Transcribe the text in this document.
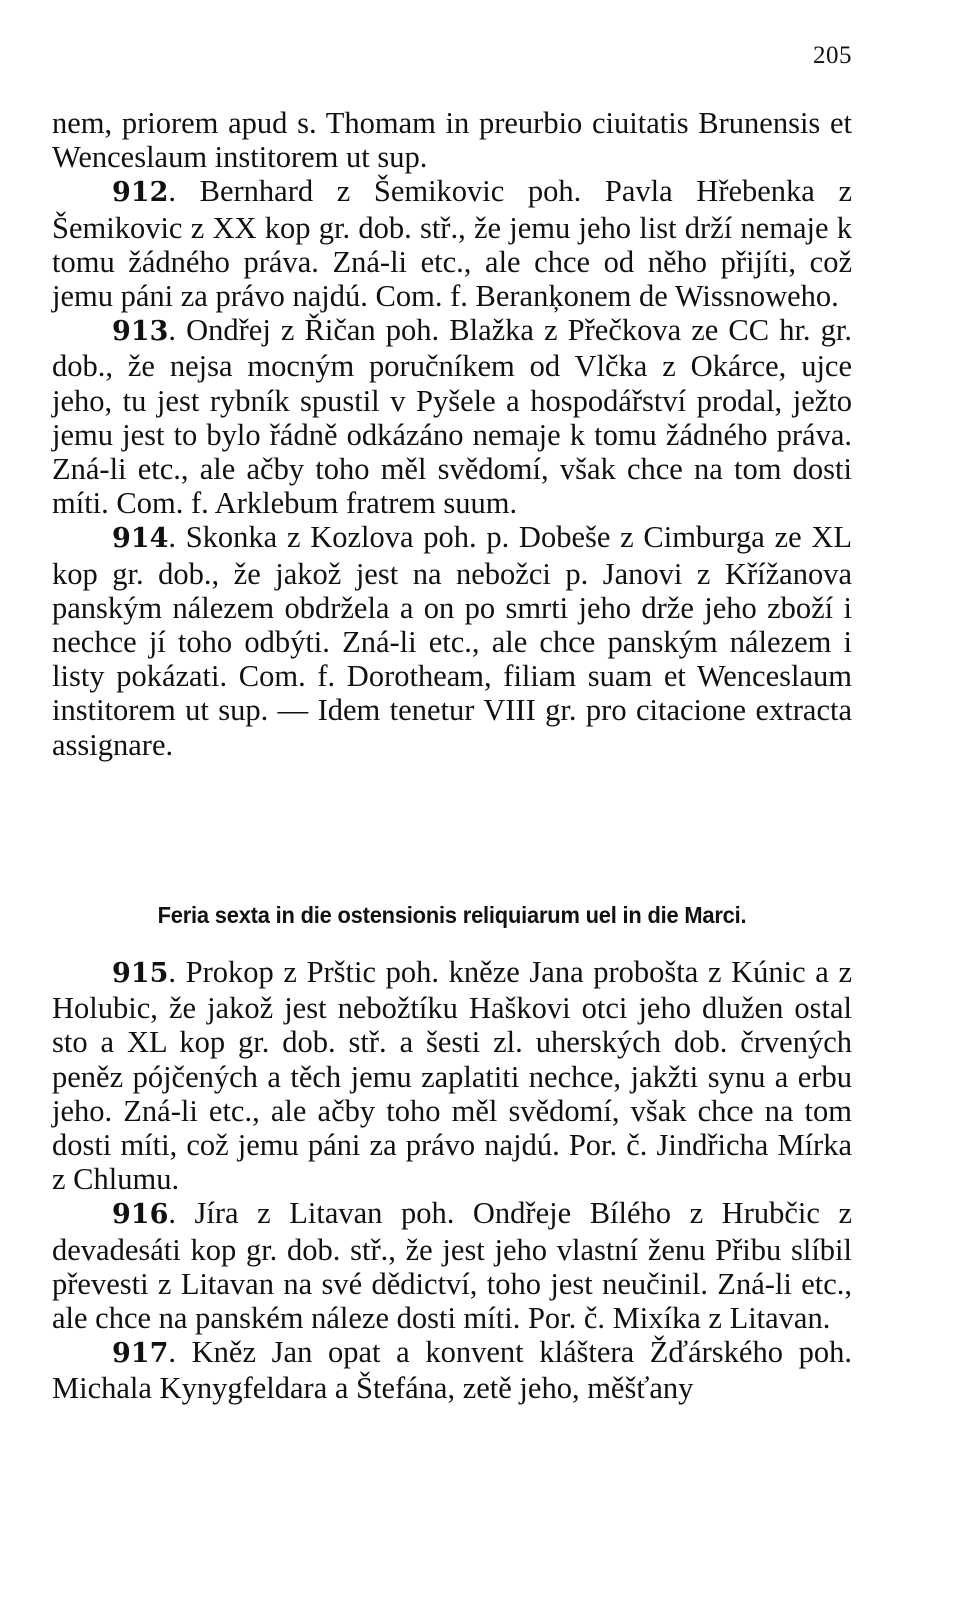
205

nem, priorem apud s. Thomam in preurbio ciuitatis Brunensis et Wenceslaum institorem ut sup.

912. Bernhard z Šemikovic poh. Pavla Hřebenka z Šemikovic z XX kop gr. dob. stř., že jemu jeho list drží nemaje k tomu žádného práva. Zná-li etc., ale chce od něho přijíti, což jemu páni za právo najdú. Com. f. Beranķonem de Wissnoweho.

913. Ondřej z Řičan poh. Blažka z Přečkova ze CC hr. gr. dob., že nejsa mocným poručníkem od Vlčka z Okárce, ujce jeho, tu jest rybník spustil v Pyšele a hospodářství prodal, ježto jemu jest to bylo řádně odkázáno nemaje k tomu žádného práva. Zná-li etc., ale ačby toho měl svědomí, však chce na tom dosti míti. Com. f. Arklebum fratrem suum.

914. Skonka z Kozlova poh. p. Dobeše z Cimburga ze XL kop gr. dob., že jakož jest na nebožci p. Janovi z Křížanova panským nálezem obdržela a on po smrti jeho drže jeho zboží i nechce jí toho odbýti. Zná-li etc., ale chce panským nálezem i listy pokázati. Com. f. Dorotheam, filiam suam et Wenceslaum institorem ut sup. — Idem tenetur VIII gr. pro citacione extracta assignare.

Feria sexta in die ostensionis reliquiarum uel in die Marci.

915. Prokop z Prštic poh. kněze Jana probošta z Kúnic a z Holubic, že jakož jest nebožtíku Haškovi otci jeho dlužen ostal sto a XL kop gr. dob. stř. a šesti zl. uherských dob. črvených peněz pójčených a těch jemu zaplatiti nechce, jakžti synu a erbu jeho. Zná-li etc., ale ačby toho měl svědomí, však chce na tom dosti míti, což jemu páni za právo najdú. Por. č. Jindřicha Mírka z Chlumu.

916. Jíra z Litavan poh. Ondřeje Bílého z Hrubčic z devadesáti kop gr. dob. stř., že jest jeho vlastní ženu Přibu slíbil převesti z Litavan na své dědictví, toho jest neučinil. Zná-li etc., ale chce na panském náleze dosti míti. Por. č. Mixíka z Litavan.

917. Kněz Jan opat a konvent kláštera Žďárského poh. Michala Kynygfeldara a Štefána, zetě jeho, měšťany
